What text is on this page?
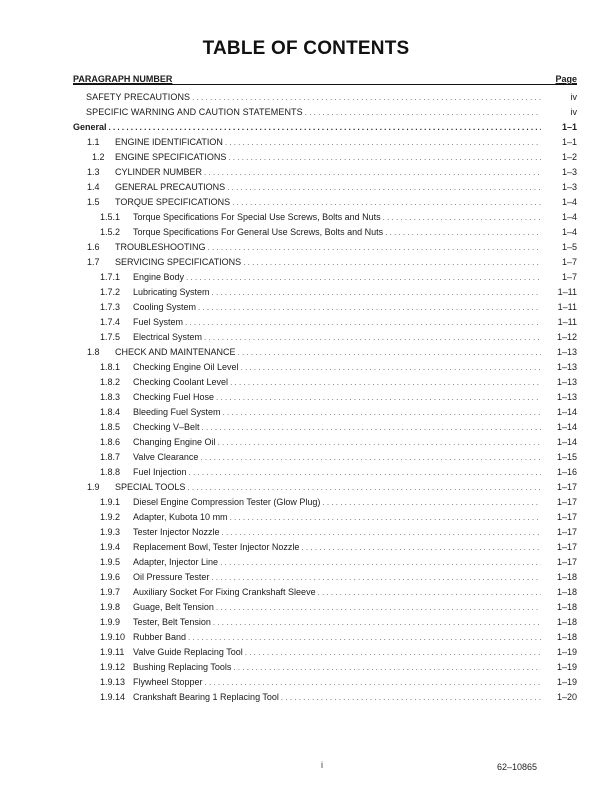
TABLE OF CONTENTS
PARAGRAPH NUMBER	Page
SAFETY PRECAUTIONS . . .	iv
SPECIFIC WARNING AND CAUTION STATEMENTS . . .	iv
General . . .	1–1
1.1	ENGINE IDENTIFICATION . . .	1–1
1.2	ENGINE SPECIFICATIONS . . .	1–2
1.3	CYLINDER NUMBER . . .	1–3
1.4	GENERAL PRECAUTIONS . . .	1–3
1.5	TORQUE SPECIFICATIONS . . .	1–4
1.5.1	Torque Specifications For Special Use Screws, Bolts and Nuts . . .	1–4
1.5.2	Torque Specifications For General Use Screws, Bolts and Nuts . . .	1–4
1.6	TROUBLESHOOTING . . .	1–5
1.7	SERVICING SPECIFICATIONS . . .	1–7
1.7.1	Engine Body . . .	1–7
1.7.2	Lubricating System . . .	1–11
1.7.3	Cooling System . . .	1–11
1.7.4	Fuel System . . .	1–11
1.7.5	Electrical System . . .	1–12
1.8	CHECK AND MAINTENANCE . . .	1–13
1.8.1	Checking Engine Oil Level . . .	1–13
1.8.2	Checking Coolant Level . . .	1–13
1.8.3	Checking Fuel Hose . . .	1–13
1.8.4	Bleeding Fuel System . . .	1–14
1.8.5	Checking V–Belt . . .	1–14
1.8.6	Changing Engine Oil . . .	1–14
1.8.7	Valve Clearance . . .	1–15
1.8.8	Fuel Injection . . .	1–16
1.9	SPECIAL TOOLS . . .	1–17
1.9.1	Diesel Engine Compression Tester (Glow Plug) . . .	1–17
1.9.2	Adapter, Kubota 10 mm . . .	1–17
1.9.3	Tester Injector Nozzle . . .	1–17
1.9.4	Replacement Bowl, Tester Injector Nozzle . . .	1–17
1.9.5	Adapter, Injector Line . . .	1–17
1.9.6	Oil Pressure Tester . . .	1–18
1.9.7	Auxiliary Socket For Fixing Crankshaft Sleeve . . .	1–18
1.9.8	Guage, Belt Tension . . .	1–18
1.9.9	Tester, Belt Tension . . .	1–18
1.9.10 Rubber Band . . .	1–18
1.9.11 Valve Guide Replacing Tool . . .	1–19
1.9.12 Bushing Replacing Tools . . .	1–19
1.9.13 Flywheel Stopper . . .	1–19
1.9.14 Crankshaft Bearing 1 Replacing Tool . . .	1–20
i	62–10865
